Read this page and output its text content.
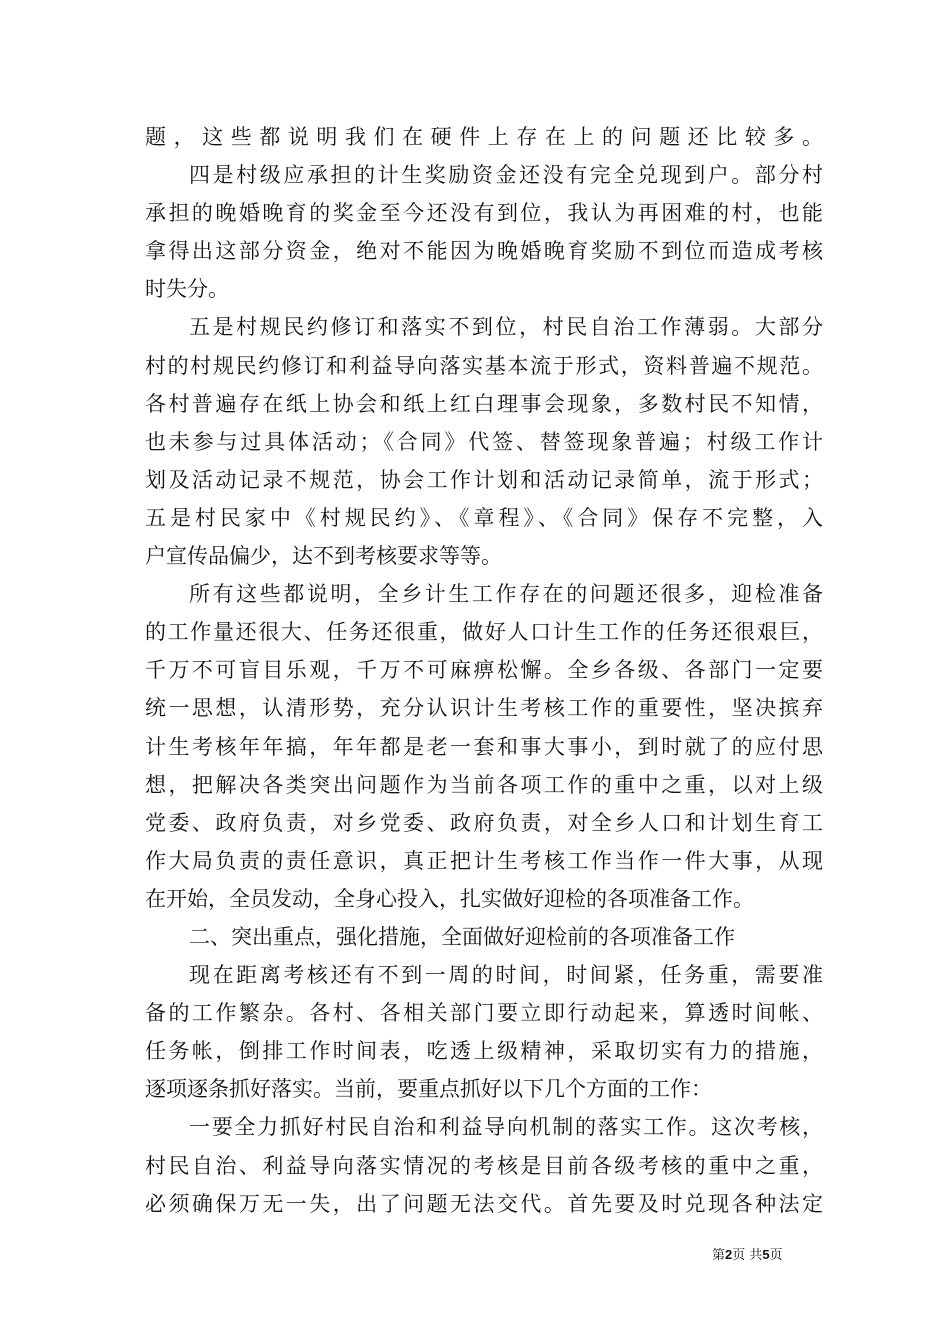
题，这些都说明我们在硬件上存在上的问题还比较多。
四是村级应承担的计生奖励资金还没有完全兑现到户。部分村
承担的晚婚晚育的奖金至今还没有到位，我认为再困难的村，也能
拿得出这部分资金，绝对不能因为晚婚晚育奖励不到位而造成考核
时失分。
五是村规民约修订和落实不到位，村民自治工作薄弱。大部分
村的村规民约修订和利益导向落实基本流于形式，资料普遍不规范。
各村普遍存在纸上协会和纸上红白理事会现象，多数村民不知情，
也未参与过具体活动；《合同》代签、替签现象普遍；村级工作计
划及活动记录不规范，协会工作计划和活动记录简单，流于形式；
五是村民家中《村规民约》、《章程》、《合同》保存不完整，入
户宣传品偏少，达不到考核要求等等。
所有这些都说明，全乡计生工作存在的问题还很多，迎检准备
的工作量还很大、任务还很重，做好人口计生工作的任务还很艰巨，
千万不可盲目乐观，千万不可麻痹松懈。全乡各级、各部门一定要
统一思想，认清形势，充分认识计生考核工作的重要性，坚决摈弃
计生考核年年搞，年年都是老一套和事大事小，到时就了的应付思
想，把解决各类突出问题作为当前各项工作的重中之重，以对上级
党委、政府负责，对乡党委、政府负责，对全乡人口和计划生育工
作大局负责的责任意识，真正把计生考核工作当作一件大事，从现
在开始，全员发动，全身心投入，扎实做好迎检的各项准备工作。
二、突出重点，强化措施，全面做好迎检前的各项准备工作
现在距离考核还有不到一周的时间，时间紧，任务重，需要准
备的工作繁杂。各村、各相关部门要立即行动起来，算透时间帐、
任务帐，倒排工作时间表，吃透上级精神，采取切实有力的措施，
逐项逐条抓好落实。当前，要重点抓好以下几个方面的工作：
一要全力抓好村民自治和利益导向机制的落实工作。这次考核，
村民自治、利益导向落实情况的考核是目前各级考核的重中之重，
必须确保万无一失，出了问题无法交代。首先要及时兑现各种法定
第2页 共5页
